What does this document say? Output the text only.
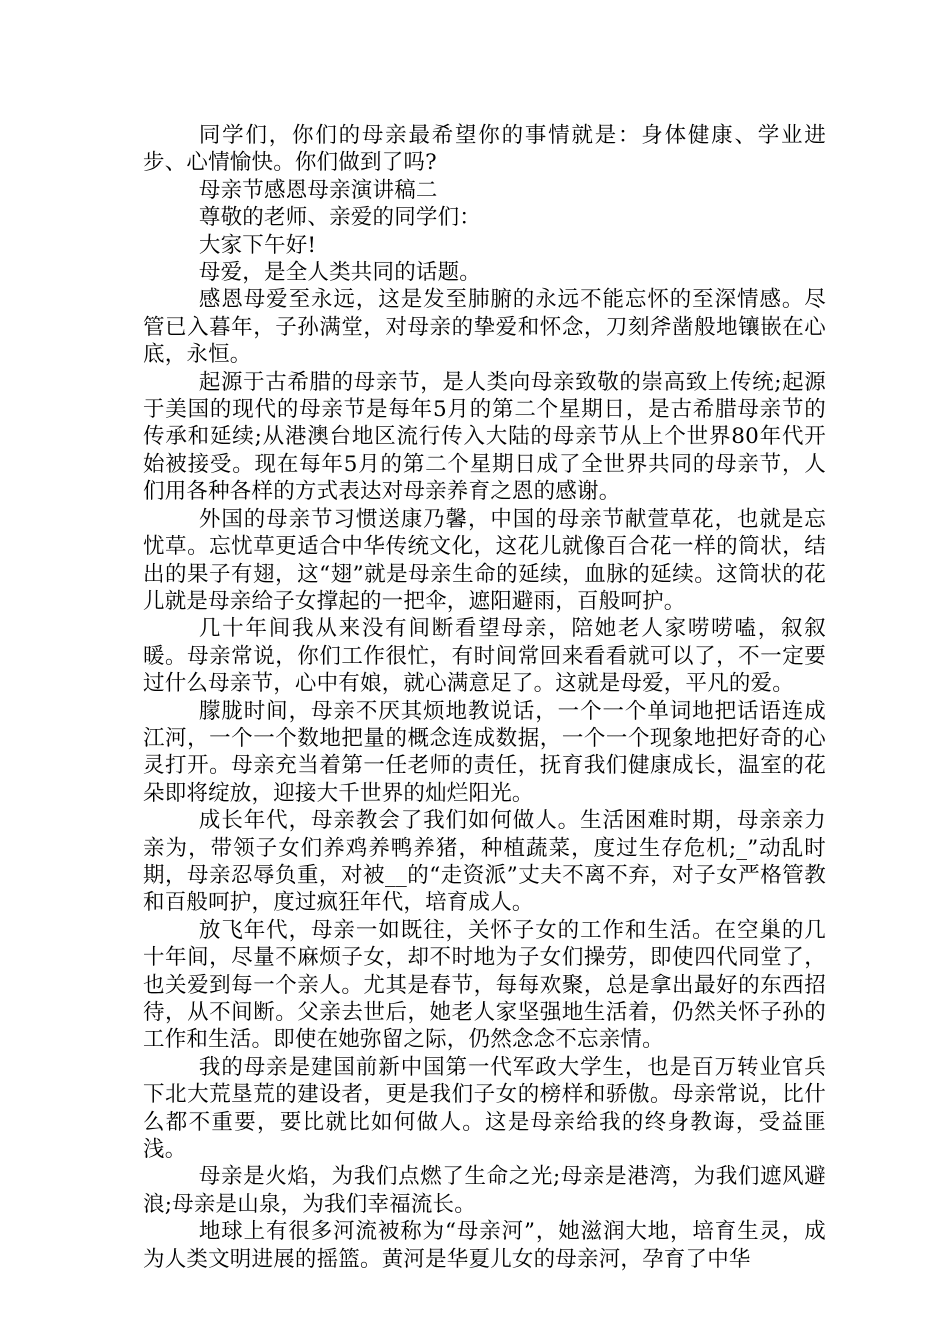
同学们，你们的母亲最希望你的事情就是：身体健康、学业进步、心情愉快。你们做到了吗?

母亲节感恩母亲演讲稿二

尊敬的老师、亲爱的同学们：

大家下午好!

母爱，是全人类共同的话题。

感恩母爱至永远，这是发至肺腑的永远不能忘怀的至深情感。尽管已入暮年，子孙满堂，对母亲的挚爱和怀念，刀刻斧凿般地镶嵌在心底，永恒。

起源于古希腊的母亲节，是人类向母亲致敬的崇高致上传统;起源于美国的现代的母亲节是每年5月的第二个星期日，是古希腊母亲节的传承和延续;从港澳台地区流行传入大陆的母亲节从上个世界80年代开始被接受。现在每年5月的第二个星期日成了全世界共同的母亲节，人们用各种各样的方式表达对母亲养育之恩的感谢。

外国的母亲节习惯送康乃馨，中国的母亲节献萱草花，也就是忘忧草。忘忧草更适合中华传统文化，这花儿就像百合花一样的筒状，结出的果子有翅，这“翅”就是母亲生命的延续，血脉的延续。这筒状的花儿就是母亲给子女撑起的一把伞，遮阳避雨，百般呵护。

几十年间我从来没有间断看望母亲，陪她老人家唠唠嗑，叙叙暖。母亲常说，你们工作很忙，有时间常回来看看就可以了，不一定要过什么母亲节，心中有娘，就心满意足了。这就是母爱，平凡的爱。

朦胧时间，母亲不厌其烦地教说话，一个一个单词地把话语连成江河，一个一个数地把量的概念连成数据，一个一个现象地把好奇的心灵打开。母亲充当着第一任老师的责任，抚育我们健康成长，温室的花朵即将绽放，迎接大千世界的灿烂阳光。

成长年代，母亲教会了我们如何做人。生活困难时期，母亲亲力亲为，带领子女们养鸡养鸭养猪，种植蔬菜，度过生存危机;_”动乱时期，母亲忍辱负重，对被__的“走资派”丈夫不离不弃，对子女严格管教和百般呵护，度过疯狂年代，培育成人。

放飞年代，母亲一如既往，关怀子女的工作和生活。在空巢的几十年间，尽量不麻烦子女，却不时地为子女们操劳，即使四代同堂了，也关爱到每一个亲人。尤其是春节，每每欢聚，总是拿出最好的东西招待，从不间断。父亲去世后，她老人家坚强地生活着，仍然关怀子孙的工作和生活。即使在她弥留之际，仍然念念不忘亲情。

我的母亲是建国前新中国第一代军政大学生，也是百万转业官兵下北大荒垦荒的建设者，更是我们子女的榜样和骄傲。母亲常说，比什么都不重要，要比就比如何做人。这是母亲给我的终身教诲，受益匪浅。

母亲是火焰，为我们点燃了生命之光;母亲是港湾，为我们遮风避浪;母亲是山泉，为我们幸福流长。

地球上有很多河流被称为“母亲河”，她滋润大地，培育生灵，成为人类文明进展的摇篮。黄河是华夏儿女的母亲河，孕育了中华
